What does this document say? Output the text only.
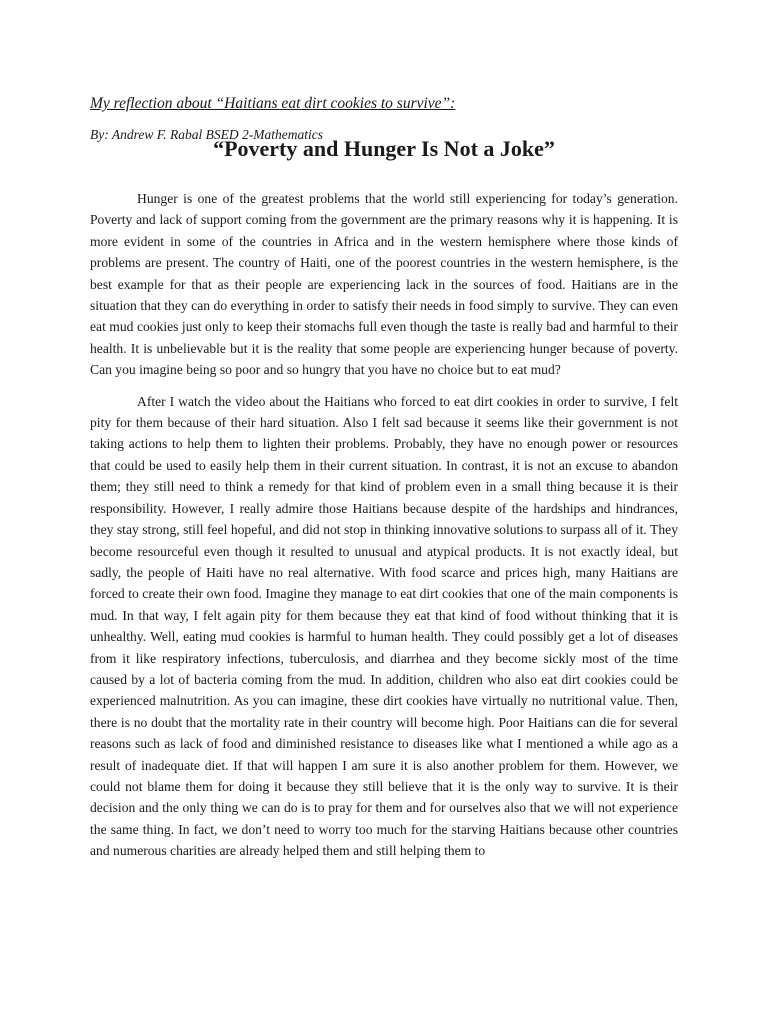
My reflection about “Haitians eat dirt cookies to survive”:

By: Andrew F. Rabal BSED 2-Mathematics

“Poverty and Hunger Is Not a Joke”

Hunger is one of the greatest problems that the world still experiencing for today’s generation. Poverty and lack of support coming from the government are the primary reasons why it is happening. It is more evident in some of the countries in Africa and in the western hemisphere where those kinds of problems are present. The country of Haiti, one of the poorest countries in the western hemisphere, is the best example for that as their people are experiencing lack in the sources of food. Haitians are in the situation that they can do everything in order to satisfy their needs in food simply to survive. They can even eat mud cookies just only to keep their stomachs full even though the taste is really bad and harmful to their health. It is unbelievable but it is the reality that some people are experiencing hunger because of poverty. Can you imagine being so poor and so hungry that you have no choice but to eat mud?

After I watch the video about the Haitians who forced to eat dirt cookies in order to survive, I felt pity for them because of their hard situation. Also I felt sad because it seems like their government is not taking actions to help them to lighten their problems. Probably, they have no enough power or resources that could be used to easily help them in their current situation. In contrast, it is not an excuse to abandon them; they still need to think a remedy for that kind of problem even in a small thing because it is their responsibility. However, I really admire those Haitians because despite of the hardships and hindrances, they stay strong, still feel hopeful, and did not stop in thinking innovative solutions to surpass all of it. They become resourceful even though it resulted to unusual and atypical products. It is not exactly ideal, but sadly, the people of Haiti have no real alternative. With food scarce and prices high, many Haitians are forced to create their own food. Imagine they manage to eat dirt cookies that one of the main components is mud. In that way, I felt again pity for them because they eat that kind of food without thinking that it is unhealthy. Well, eating mud cookies is harmful to human health. They could possibly get a lot of diseases from it like respiratory infections, tuberculosis, and diarrhea and they become sickly most of the time caused by a lot of bacteria coming from the mud. In addition, children who also eat dirt cookies could be experienced malnutrition. As you can imagine, these dirt cookies have virtually no nutritional value. Then, there is no doubt that the mortality rate in their country will become high. Poor Haitians can die for several reasons such as lack of food and diminished resistance to diseases like what I mentioned a while ago as a result of inadequate diet. If that will happen I am sure it is also another problem for them. However, we could not blame them for doing it because they still believe that it is the only way to survive. It is their decision and the only thing we can do is to pray for them and for ourselves also that we will not experience the same thing. In fact, we don’t need to worry too much for the starving Haitians because other countries and numerous charities are already helped them and still helping them to
